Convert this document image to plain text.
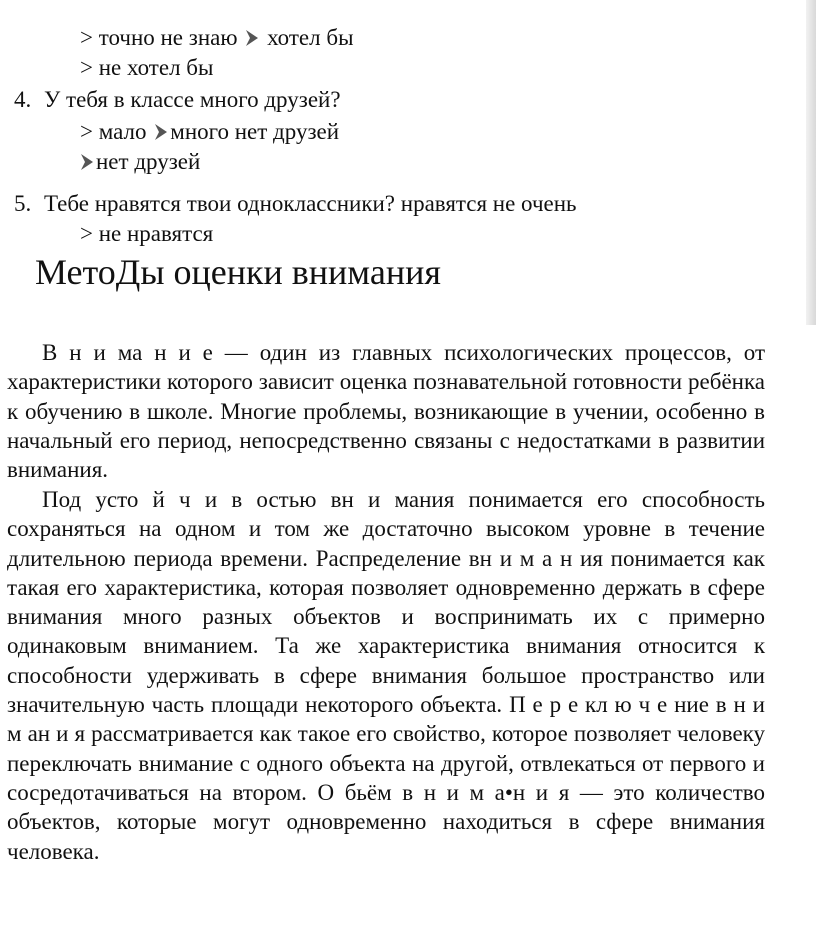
> точно не знаю хотел бы
> не хотел бы
4. У тебя в классе много друзей?
> мало много нет друзей
нет друзей
5. Тебе нравятся твои одноклассники? нравятся не очень
> не нравятся
МетоДы оценки внимания

В н и ма н и е — один из главных психологических процессов, от характеристики которого зависит оценка познавательной готовности ребёнка к обучению в школе. Многие проблемы, возникающие в учении, особенно в начальный его период, непосредственно связаны с недостатками в развитии внимания.

Под усто й ч и в остью вн и мания понимается его способность сохраняться на одном и том же достаточно высоком уровне в течение длительною периода времени. Распределение вн и м а н ия понимается как такая его характеристика, которая позволяет одновременно держать в сфере внимания много разных объектов и воспринимать их с примерно одинаковым вниманием. Та же характеристика внимания относится к способности удерживать в сфере внимания большое пространство или значительную часть площади некоторого объекта. П е р е кл ю ч е ние в н и м ан и я рассматривается как такое его свойство, которое позволяет человеку переключать внимание с одного объекта на другой, отвлекаться от первого и сосредотачиваться на втором. О бьём в н и м а•н и я — это количество объектов, которые могут одновременно находиться в сфере внимания человека.
